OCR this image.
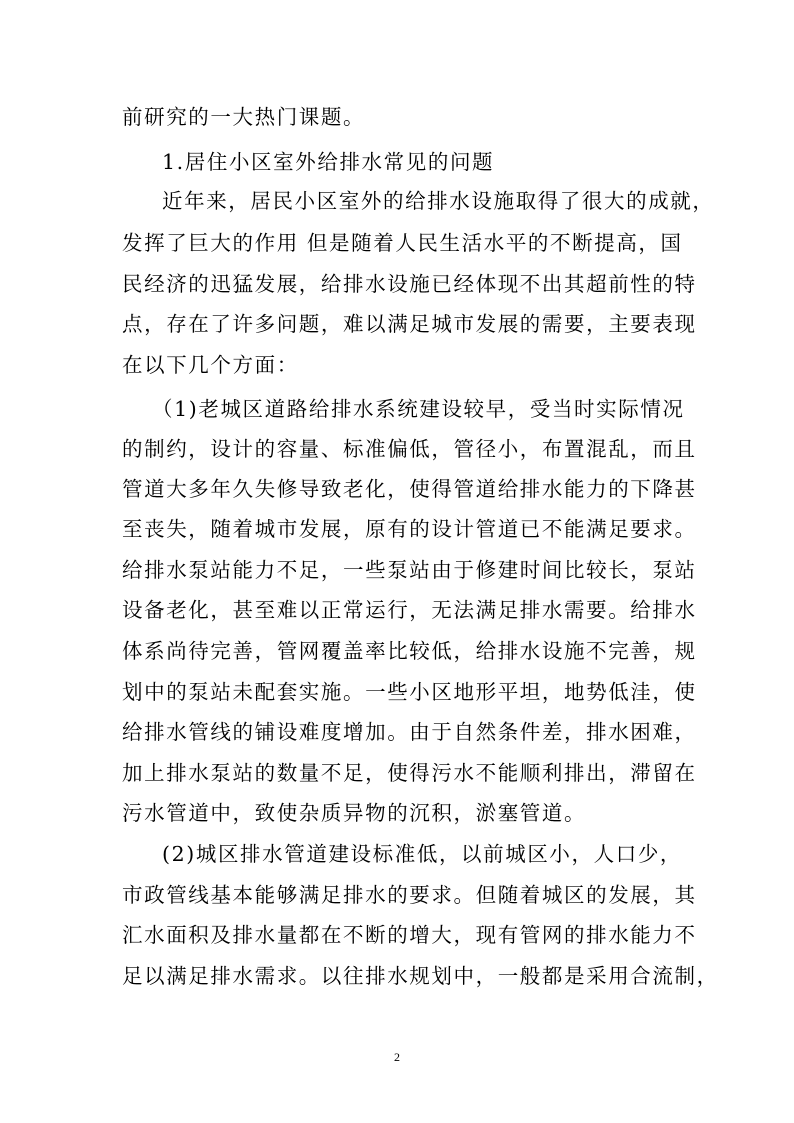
前研究的一大热门课题。
1.居住小区室外给排水常见的问题
近年来，居民小区室外的给排水设施取得了很大的成就，
发挥了巨大的作用 但是随着人民生活水平的不断提高，国
民经济的迅猛发展，给排水设施已经体现不出其超前性的特
点，存在了许多问题，难以满足城市发展的需要，主要表现
在以下几个方面：
（1)老城区道路给排水系统建设较早，受当时实际情况
的制约，设计的容量、标准偏低，管径小，布置混乱，而且
管道大多年久失修导致老化，使得管道给排水能力的下降甚
至丧失，随着城市发展，原有的设计管道已不能满足要求。
给排水泵站能力不足，一些泵站由于修建时间比较长，泵站
设备老化，甚至难以正常运行，无法满足排水需要。给排水
体系尚待完善，管网覆盖率比较低，给排水设施不完善，规
划中的泵站未配套实施。一些小区地形平坦，地势低洼，使
给排水管线的铺设难度增加。由于自然条件差，排水困难，
加上排水泵站的数量不足，使得污水不能顺利排出，滞留在
污水管道中，致使杂质异物的沉积，淤塞管道。
(2)城区排水管道建设标准低，以前城区小，人口少，
市政管线基本能够满足排水的要求。但随着城区的发展，其
汇水面积及排水量都在不断的增大，现有管网的排水能力不
足以满足排水需求。以往排水规划中，一般都是采用合流制，
2
